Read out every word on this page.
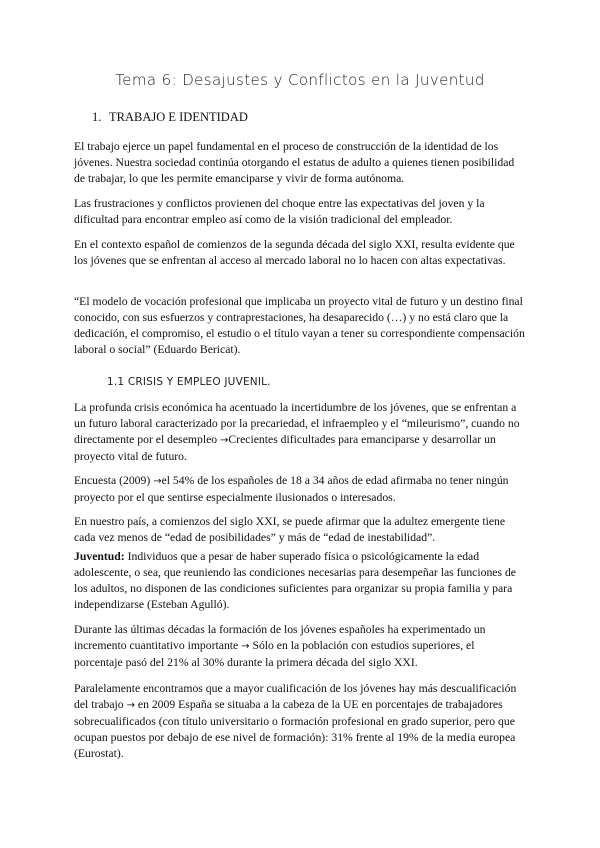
Tema 6: Desajustes y Conflictos en la Juventud
1. TRABAJO E IDENTIDAD

El trabajo ejerce un papel fundamental en el proceso de construcción de la identidad de los jóvenes. Nuestra sociedad continúa otorgando el estatus de adulto a quienes tienen posibilidad de trabajar, lo que les permite emanciparse y vivir de forma autónoma.

Las frustraciones y conflictos provienen del choque entre las expectativas del joven y la dificultad para encontrar empleo así como de la visión tradicional del empleador.

En el contexto español de comienzos de la segunda década del siglo XXI, resulta evidente que los jóvenes que se enfrentan al acceso al mercado laboral no lo hacen con altas expectativas.

“El modelo de vocación profesional que implicaba un proyecto vital de futuro y un destino final conocido, con sus esfuerzos y contraprestaciones, ha desaparecido (…) y no está claro que la dedicación, el compromiso, el estudio o el título vayan a tener su correspondiente compensación laboral o social” (Eduardo Bericat).

1.1 CRISIS Y EMPLEO JUVENIL.

La profunda crisis económica ha acentuado la incertidumbre de los jóvenes, que se enfrentan a un futuro laboral caracterizado por la precariedad, el infraempleo y el “mileurismo”, cuando no directamente por el desempleo →Crecientes dificultades para emanciparse y desarrollar un proyecto vital de futuro.

Encuesta (2009) →el 54% de los españoles de 18 a 34 años de edad afirmaba no tener ningún proyecto por el que sentirse especialmente ilusionados o interesados.

En nuestro país, a comienzos del siglo XXI, se puede afirmar que la adultez emergente tiene cada vez menos de “edad de posibilidades” y más de “edad de inestabilidad”.

Juventud: Individuos que a pesar de haber superado física o psicológicamente la edad adolescente, o sea, que reuniendo las condiciones necesarias para desempeñar las funciones de los adultos, no disponen de las condiciones suficientes para organizar su propia familia y para independizarse (Esteban Agulló).

Durante las últimas décadas la formación de los jóvenes españoles ha experimentado un incremento cuantitativo importante → Sólo en la población con estudios superiores, el porcentaje pasó del 21% al 30% durante la primera década del siglo XXI.

Paralelamente encontramos que a mayor cualificación de los jóvenes hay más descualificación del trabajo → en 2009 España se situaba a la cabeza de la UE en porcentajes de trabajadores sobrecualificados (con título universitario o formación profesional en grado superior, pero que ocupan puestos por debajo de ese nivel de formación): 31% frente al 19% de la media europea (Eurostat).
